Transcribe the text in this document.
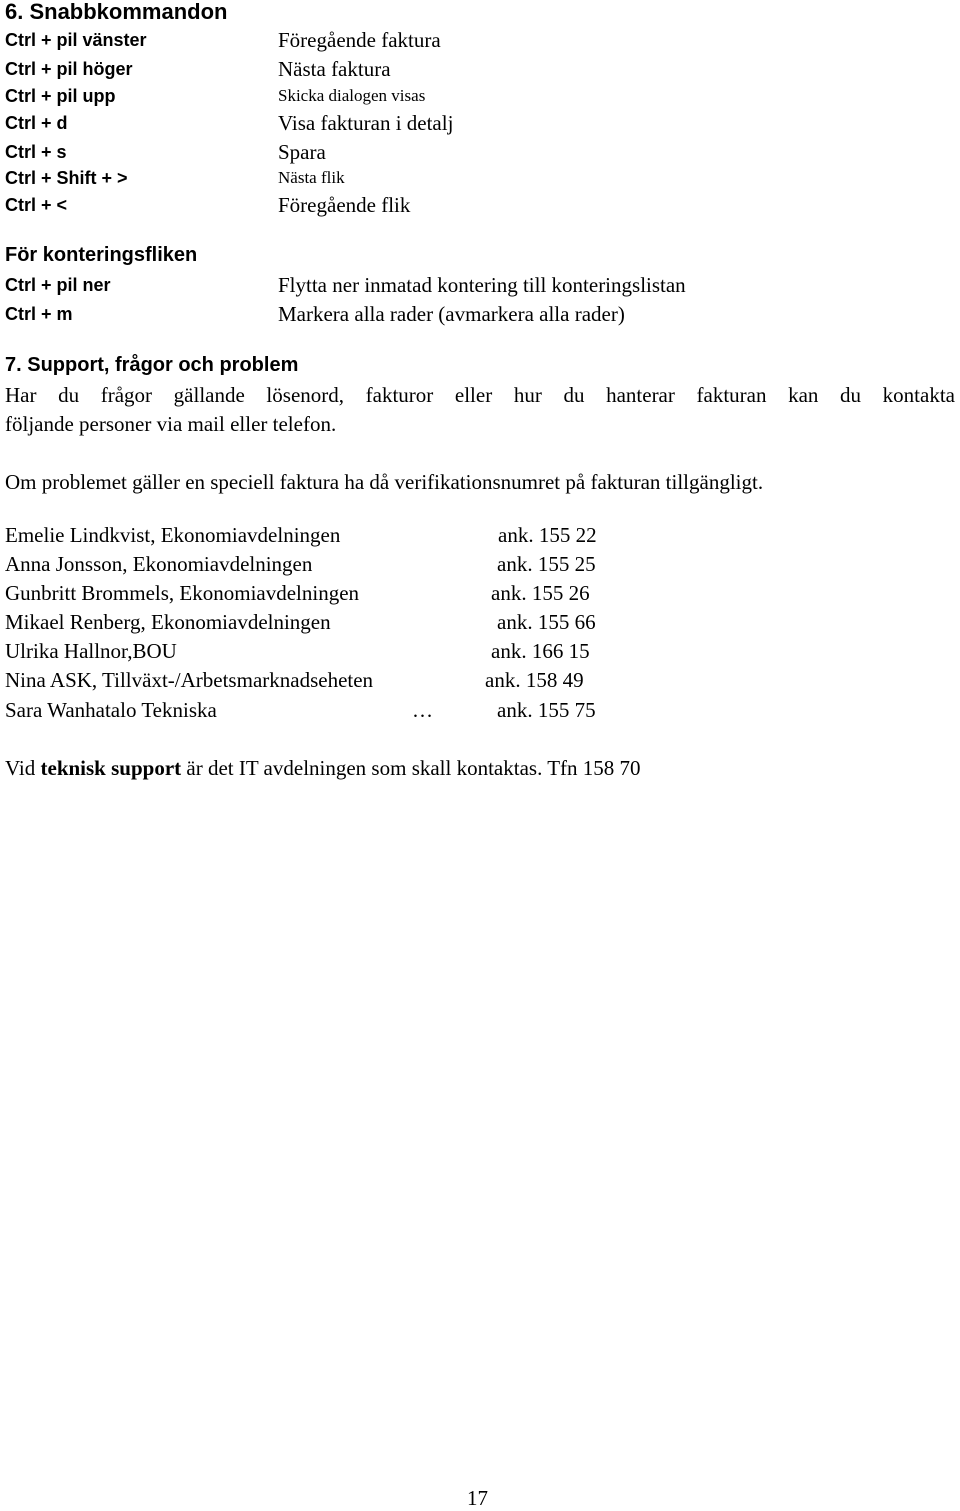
6. Snabbkommandon
Ctrl + pil vänster	Föregående faktura
Ctrl + pil höger	Nästa faktura
Ctrl + pil upp	Skicka dialogen visas
Ctrl + d	Visa fakturan i detalj
Ctrl + s	Spara
Ctrl + Shift + >	Nästa flik
Ctrl + <	Föregående flik
För konteringsfliken
Ctrl + pil ner	Flytta ner inmatad kontering till konteringslistan
Ctrl + m	Markera alla rader (avmarkera alla rader)
7. Support, frågor och problem
Har du frågor gällande lösenord, fakturor eller hur du hanterar fakturan kan du kontakta
följande personer via mail eller telefon.
Om problemet gäller en speciell faktura ha då verifikationsnumret på fakturan tillgängligt.
Emelie Lindkvist, Ekonomiavdelningen	ank. 155 22
Anna Jonsson, Ekonomiavdelningen	ank. 155 25
Gunbritt Brommels, Ekonomiavdelningen	ank. 155 26
Mikael Renberg, Ekonomiavdelningen	ank. 155 66
Ulrika Hallnor,BOU	ank. 166 15
Nina ASK, Tillväxt-/Arbetsmarknadseheten	ank. 158 49
Sara Wanhatalo Tekniska	…	ank. 155 75
Vid teknisk support är det IT avdelningen som skall kontaktas. Tfn 158 70
17
